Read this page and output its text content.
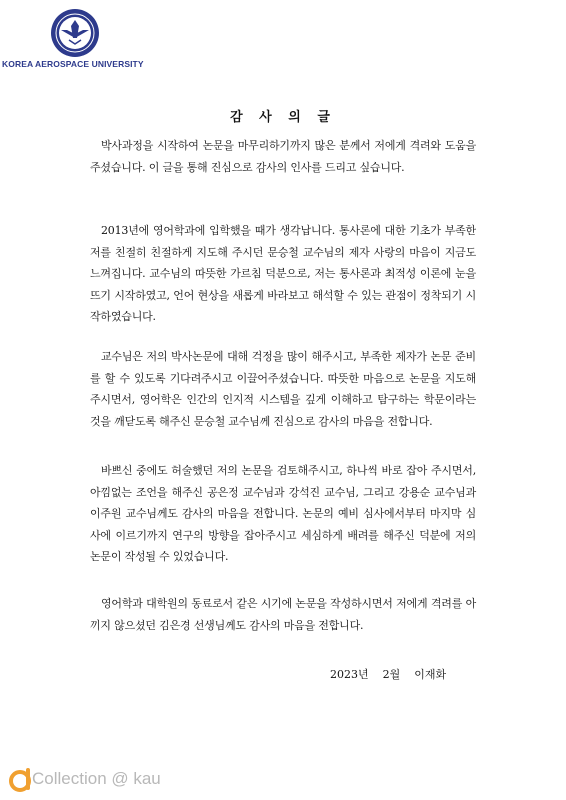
KOREA AEROSPACE UNIVERSITY
감 사 의 글

박사과정을 시작하여 논문을 마무리하기까지 많은 분께서 저에게 격려와 도움을 주셨습니다. 이 글을 통해 진심으로 감사의 인사를 드리고 싶습니다.

2013년에 영어학과에 입학했을 때가 생각납니다. 통사론에 대한 기초가 부족한 저를 친절히 친절하게 지도해 주시던 문승철 교수님의 제자 사랑의 마음이 지금도 느껴집니다. 교수님의 따뜻한 가르침 덕분으로, 저는 통사론과 최적성 이론에 눈을 뜨기 시작하였고, 언어 현상을 새롭게 바라보고 해석할 수 있는 관점이 정착되기 시작하였습니다.

교수님은 저의 박사논문에 대해 걱정을 많이 해주시고, 부족한 제자가 논문 준비를 할 수 있도록 기다려주시고 이끌어주셨습니다. 따뜻한 마음으로 논문을 지도해 주시면서, 영어학은 인간의 인지적 시스템을 깊게 이해하고 탐구하는 학문이라는 것을 깨닫도록 해주신 문승철 교수님께 진심으로 감사의 마음을 전합니다.

바쁘신 중에도 허술했던 저의 논문을 검토해주시고, 하나씩 바로 잡아 주시면서, 아낌없는 조언을 해주신 공은정 교수님과 강석진 교수님, 그리고 강용순 교수님과 이주원 교수님께도 감사의 마음을 전합니다. 논문의 예비 심사에서부터 마지막 심사에 이르기까지 연구의 방향을 잡아주시고 세심하게 배려를 해주신 덕분에 저의 논문이 작성될 수 있었습니다.

영어학과 대학원의 동료로서 같은 시기에 논문을 작성하시면서 저에게 격려를 아끼지 않으셨던 김은경 선생님께도 감사의 마음을 전합니다.

2023년    2월    이재화
Collection @ kau
